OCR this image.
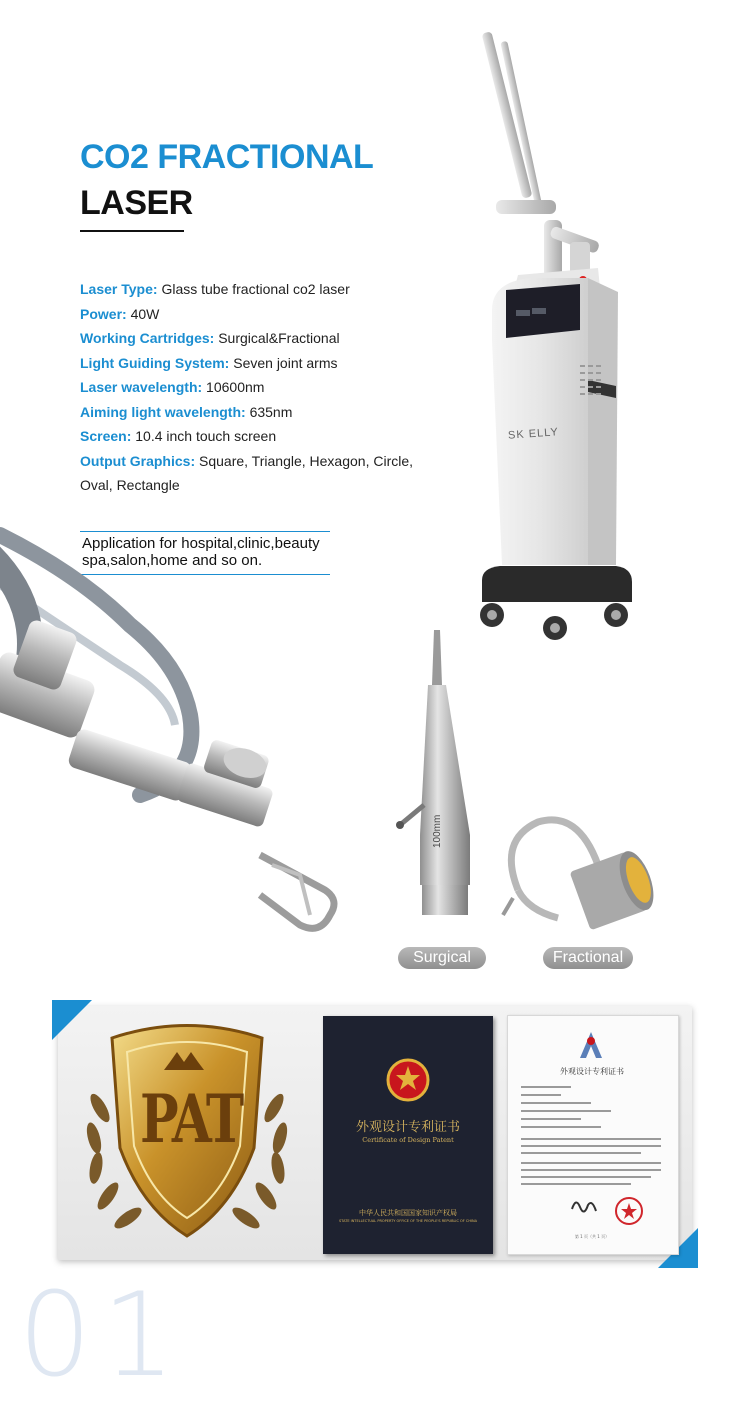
CO2 FRACTIONAL
LASER

Laser Type: Glass tube fractional co2 laser

Power: 40W

Working Cartridges: Surgical&Fractional

Light Guiding System: Seven joint arms

Laser wavelength: 10600nm

Aiming light wavelength: 635nm

Screen: 10.4 inch touch screen

Output Graphics: Square, Triangle, Hexagon, Circle, Oval, Rectangle

Application for hospital,clinic,beauty spa,salon,home and so on.
SK ELLY
100mm
Surgical	Fractional
PAT	外观设计专利证书
Certificate of Design Patent
中华人民共和国国家知识产权局
STATE INTELLECTUAL PROPERTY OFFICE OF THE PEOPLE'S REPUBLIC OF CHINA
外观设计专利证书
第 1 页（共 1 页）
01
